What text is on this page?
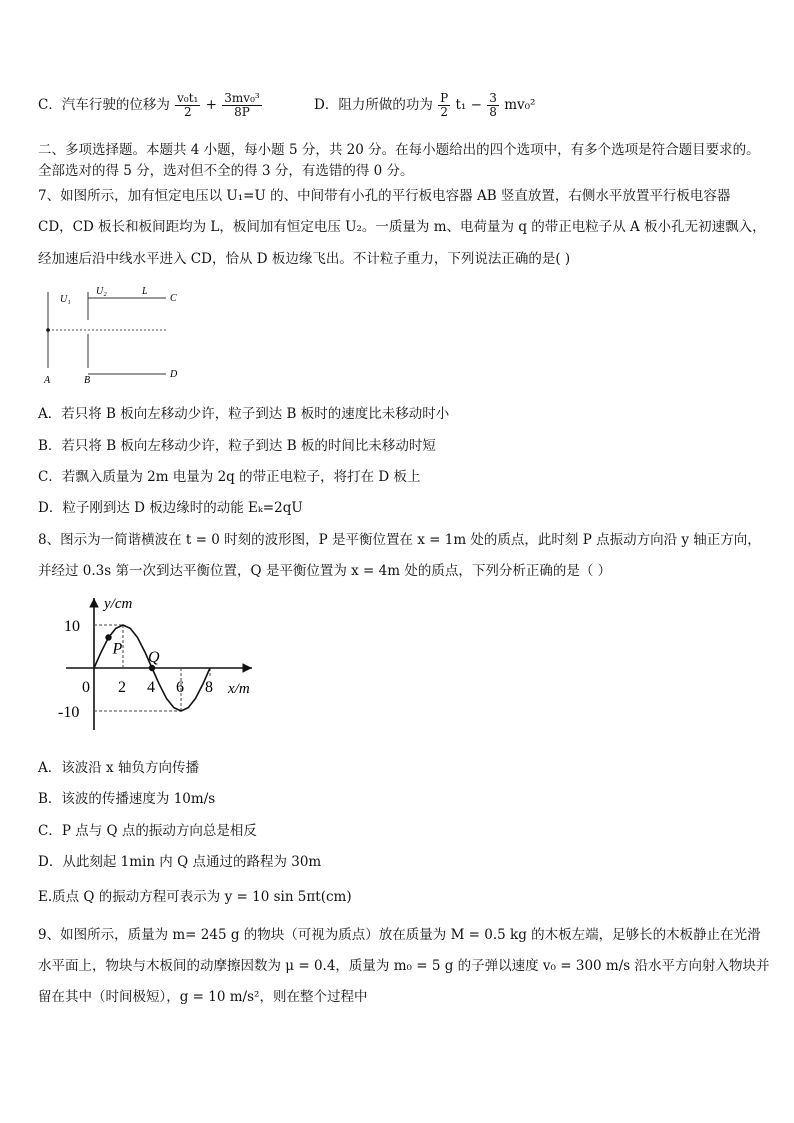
C．汽车行驶的位移为 $\frac{\text{v₀t₁}}{2} + \frac{\text{3mv₀³}}{8P}$	D．阻力所做的功为 $\frac{P}{2} t_1 - \frac{3}{8} mv_0^2$
二、多项选择题。本题共 4 小题，每小题 5 分，共 20 分。在每小题给出的四个选项中，有多个选项是符合题目要求的。
全部选对的得 5 分，选对但不全的得 3 分，有选错的得 0 分。
7、如图所示，加有恒定电压以 U₁=U 的、中间带有小孔的平行板电容器 AB 竖直放置，右侧水平放置平行板电容器
CD，CD 板长和板间距均为 L，板间加有恒定电压 U₂。一质量为 m、电荷量为 q 的带正电粒子从 A 板小孔无初速飘入，
经加速后沿中线水平进入 CD，恰从 D 板边缘飞出。不计粒子重力，下列说法正确的是( )
U₁
U₂	L
C
D
A	B
A．若只将 B 板向左移动少许，粒子到达 B 板时的速度比未移动时小
B．若只将 B 板向左移动少许，粒子到达 B 板的时间比未移动时短
C．若飘入质量为 2m 电量为 2q 的带正电粒子，将打在 D 板上
D．粒子刚到达 D 板边缘时的动能 Eₖ=2qU
8、图示为一简谐横波在 t = 0 时刻的波形图，P 是平衡位置在 x = 1m 处的质点，此时刻 P 点振动方向沿 y 轴正方向，
并经过 0.3s 第一次到达平衡位置，Q 是平衡位置为 x = 4m 处的质点，下列分析正确的是（ ）
y/cm
x/m
0 2 4 6 8
10
-10
P
Q
A．该波沿 x 轴负方向传播
B．该波的传播速度为 10m/s
C．P 点与 Q 点的振动方向总是相反
D．从此刻起 1min 内 Q 点通过的路程为 30m
E.质点 Q 的振动方程可表示为 y = 10 sin 5πt(cm)
9、如图所示，质量为 m= 245 g 的物块（可视为质点）放在质量为 M = 0.5 kg 的木板左端，足够长的木板静止在光滑
水平面上，物块与木板间的动摩擦因数为 μ = 0.4，质量为 m₀ = 5 g 的子弹以速度 v₀ = 300 m/s 沿水平方向射入物块并
留在其中（时间极短），g = 10 m/s²，则在整个过程中
